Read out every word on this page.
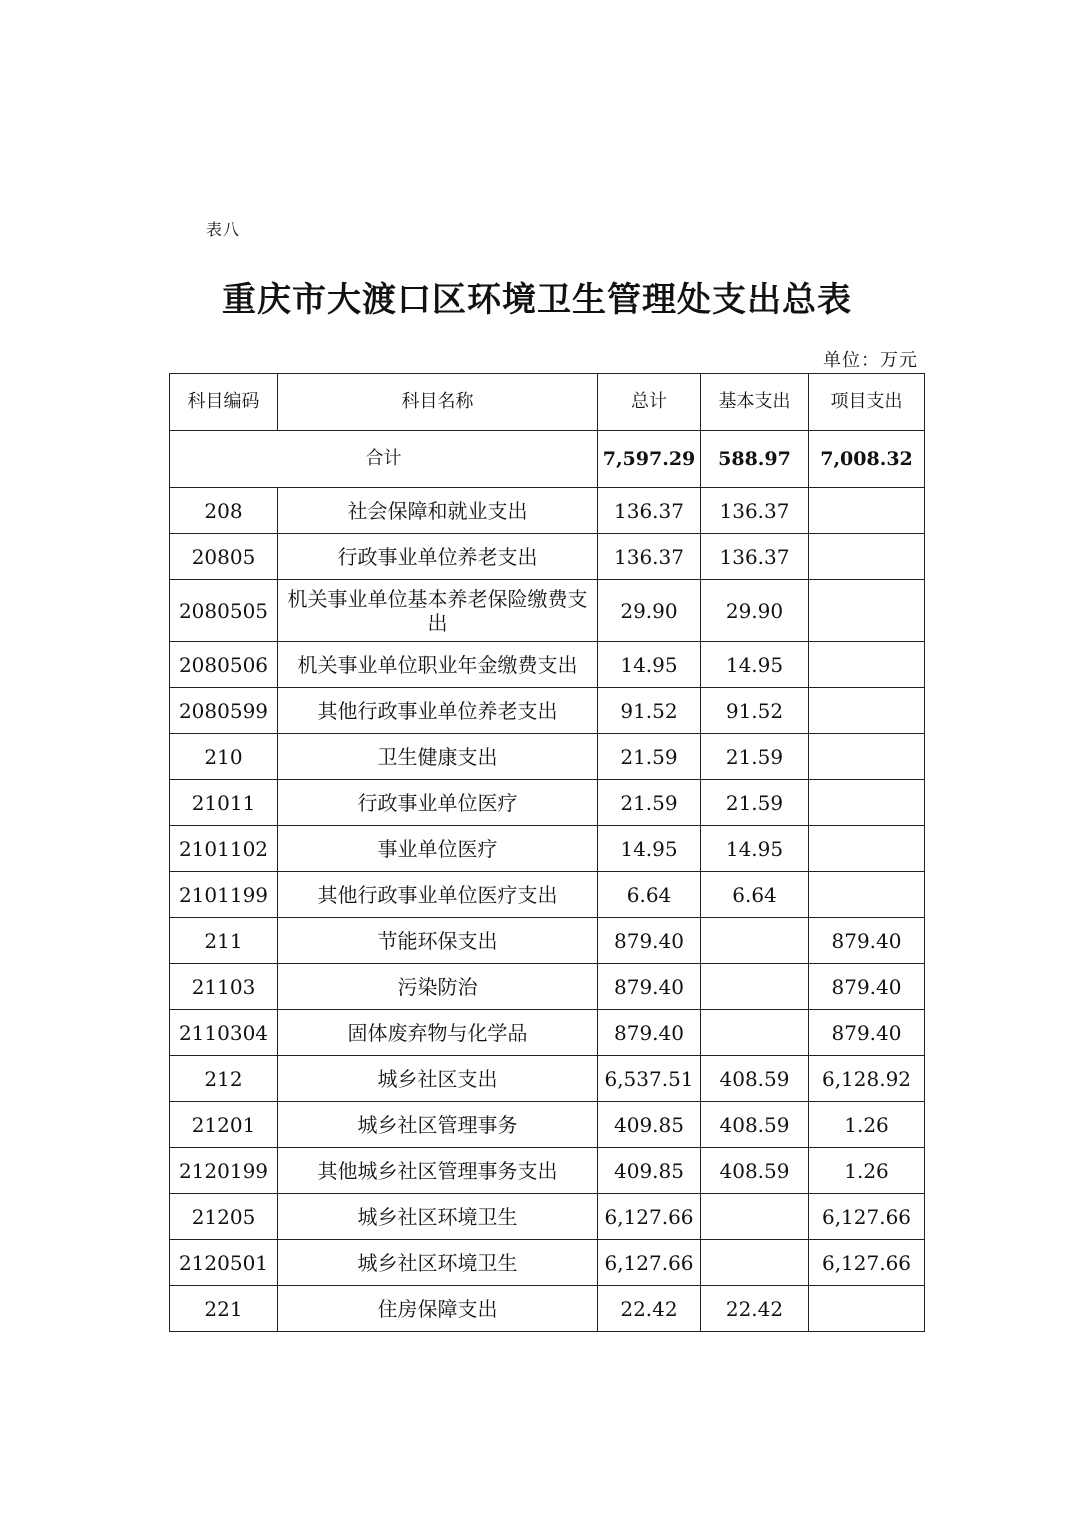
表八
重庆市大渡口区环境卫生管理处支出总表
单位：万元
科目编码	科目名称	总计	基本支出	项目支出
合计		7,597.29	588.97	7,008.32
208	社会保障和就业支出	136.37	136.37	
20805	行政事业单位养老支出	136.37	136.37	
2080505	机关事业单位基本养老保险缴费支出	29.90	29.90	
2080506	机关事业单位职业年金缴费支出	14.95	14.95	
2080599	其他行政事业单位养老支出	91.52	91.52	
210	卫生健康支出	21.59	21.59	
21011	行政事业单位医疗	21.59	21.59	
2101102	事业单位医疗	14.95	14.95	
2101199	其他行政事业单位医疗支出	6.64	6.64	
211	节能环保支出	879.40		879.40
21103	污染防治	879.40		879.40
2110304	固体废弃物与化学品	879.40		879.40
212	城乡社区支出	6,537.51	408.59	6,128.92
21201	城乡社区管理事务	409.85	408.59	1.26
2120199	其他城乡社区管理事务支出	409.85	408.59	1.26
21205	城乡社区环境卫生	6,127.66		6,127.66
2120501	城乡社区环境卫生	6,127.66		6,127.66
221	住房保障支出	22.42	22.42	
